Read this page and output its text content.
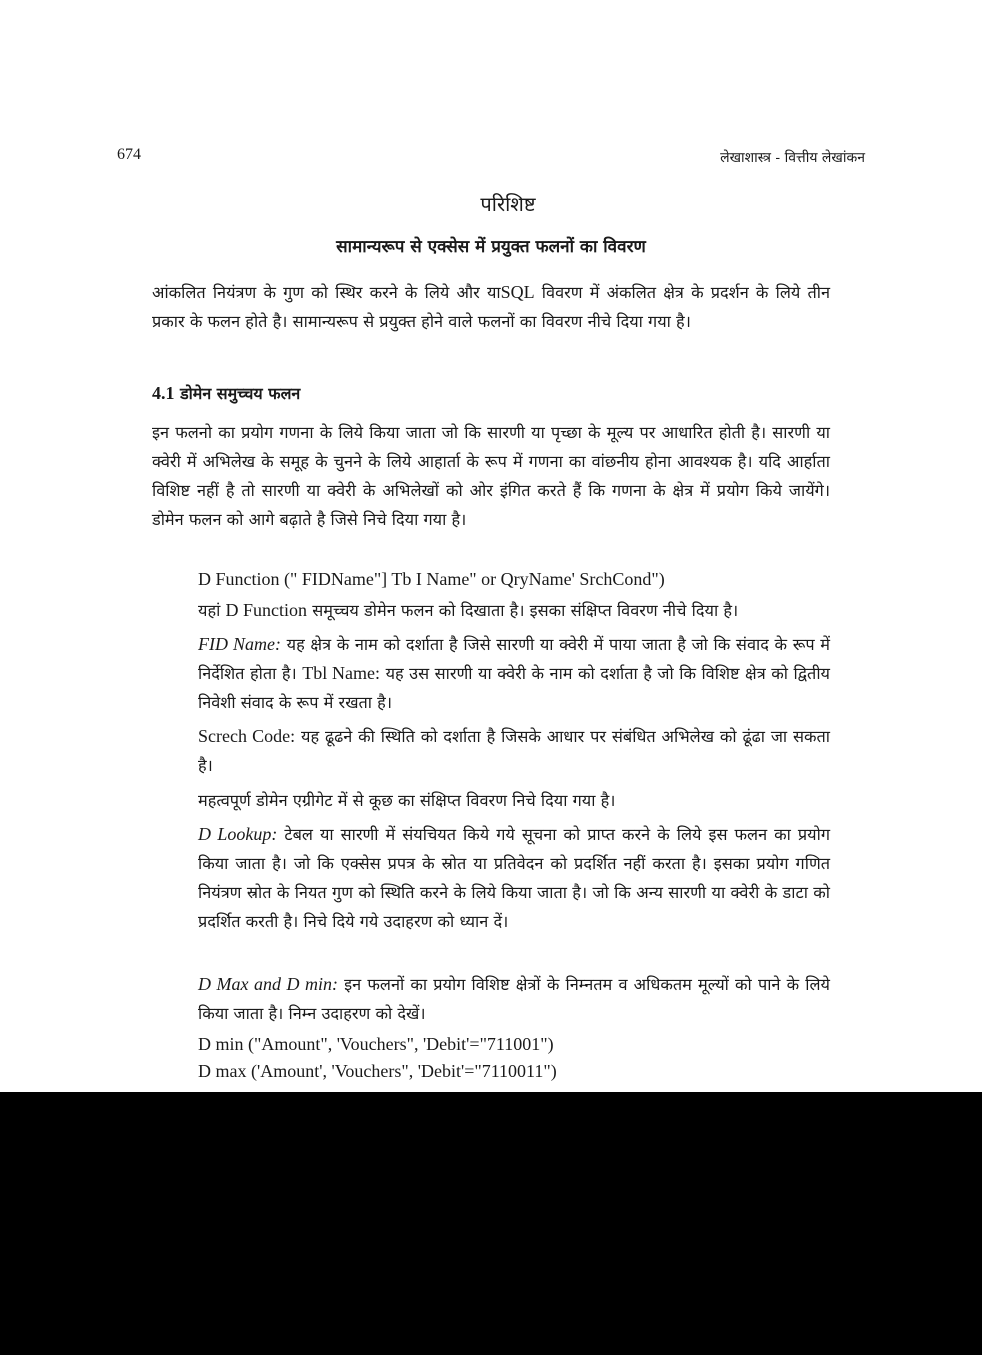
674	लेखाशास्त्र - वित्तीय लेखांकन
परिशिष्ट
सामान्यरूप से एक्सेस में प्रयुक्त फलनों का विवरण

आंकलित नियंत्रण के गुण को स्थिर करने के लिये और याSQL विवरण में अंकलित क्षेत्र के प्रदर्शन के लिये तीन प्रकार के फलन होते है। सामान्यरूप से प्रयुक्त होने वाले फलनों का विवरण नीचे दिया गया है।

4.1 डोमेन समुच्चय फलन

इन फलनो का प्रयोग गणना के लिये किया जाता जो कि सारणी या पृच्छा के मूल्य पर आधारित होती है। सारणी या क्वेरी में अभिलेख के समूह के चुनने के लिये आहार्ता के रूप में गणना का वांछनीय होना आवश्यक है। यदि आर्हाता विशिष्ट नहीं है तो सारणी या क्वेरी के अभिलेखों को ओर इंगित करते हैं कि गणना के क्षेत्र में प्रयोग किये जायेंगे। डोमेन फलन को आगे बढ़ाते है जिसे निचे दिया गया है।

D Function (" FIDName"] Tb I Name" or QryName' SrchCond")

यहां D Function समूच्चय डोमेन फलन को दिखाता है। इसका संक्षिप्त विवरण नीचे दिया है।

FID Name: यह क्षेत्र के नाम को दर्शाता है जिसे सारणी या क्वेरी में पाया जाता है जो कि संवाद के रूप में निर्देशित होता है। Tbl Name: यह उस सारणी या क्वेरी के नाम को दर्शाता है जो कि विशिष्ट क्षेत्र को द्वितीय निवेशी संवाद के रूप में रखता है।

Screch Code: यह ढूढने की स्थिति को दर्शाता है जिसके आधार पर संबंधित अभिलेख को ढूंढा जा सकता है।

महत्वपूर्ण डोमेन एग्रीगेट में से कूछ का संक्षिप्त विवरण निचे दिया गया है।

D Lookup: टेबल या सारणी में संयचियत किये गये सूचना को प्राप्त करने के लिये इस फलन का प्रयोग किया जाता है। जो कि एक्सेस प्रपत्र के स्रोत या प्रतिवेदन को प्रदर्शित नहीं करता है। इसका प्रयोग गणित नियंत्रण स्रोत के नियत गुण को स्थिति करने के लिये किया जाता है। जो कि अन्य सारणी या क्वेरी के डाटा को प्रदर्शित करती है। निचे दिये गये उदाहरण को ध्यान दें।

D Max and D min: इन फलनों का प्रयोग विशिष्ट क्षेत्रों के निम्नतम व अधिकतम मूल्यों को पाने के लिये किया जाता है। निम्न उदाहरण को देखें।

D min ("Amount", 'Vouchers", 'Debit'="711001")

D max ('Amount', 'Vouchers", 'Debit'="7110011")
